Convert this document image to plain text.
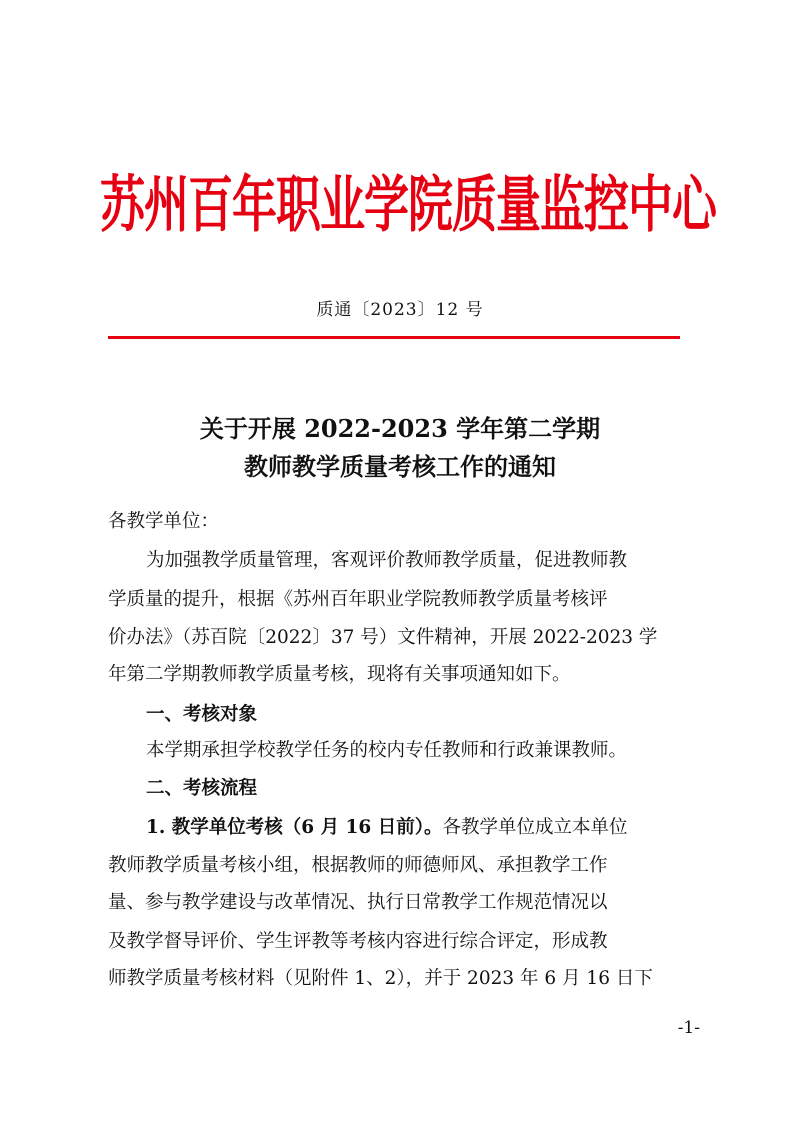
苏州百年职业学院质量监控中心
质通〔2023〕12 号
关于开展 2022-2023 学年第二学期
教师教学质量考核工作的通知
各教学单位：
为加强教学质量管理，客观评价教师教学质量，促进教师教
学质量的提升，根据《苏州百年职业学院教师教学质量考核评
价办法》（苏百院〔2022〕37 号）文件精神，开展 2022-2023 学
年第二学期教师教学质量考核，现将有关事项通知如下。
一、考核对象
本学期承担学校教学任务的校内专任教师和行政兼课教师。
二、考核流程
1. 教学单位考核（6 月 16 日前）。各教学单位成立本单位
教师教学质量考核小组，根据教师的师德师风、承担教学工作
量、参与教学建设与改革情况、执行日常教学工作规范情况以
及教学督导评价、学生评教等考核内容进行综合评定，形成教
师教学质量考核材料（见附件 1、2），并于 2023 年 6 月 16 日下
-1-
